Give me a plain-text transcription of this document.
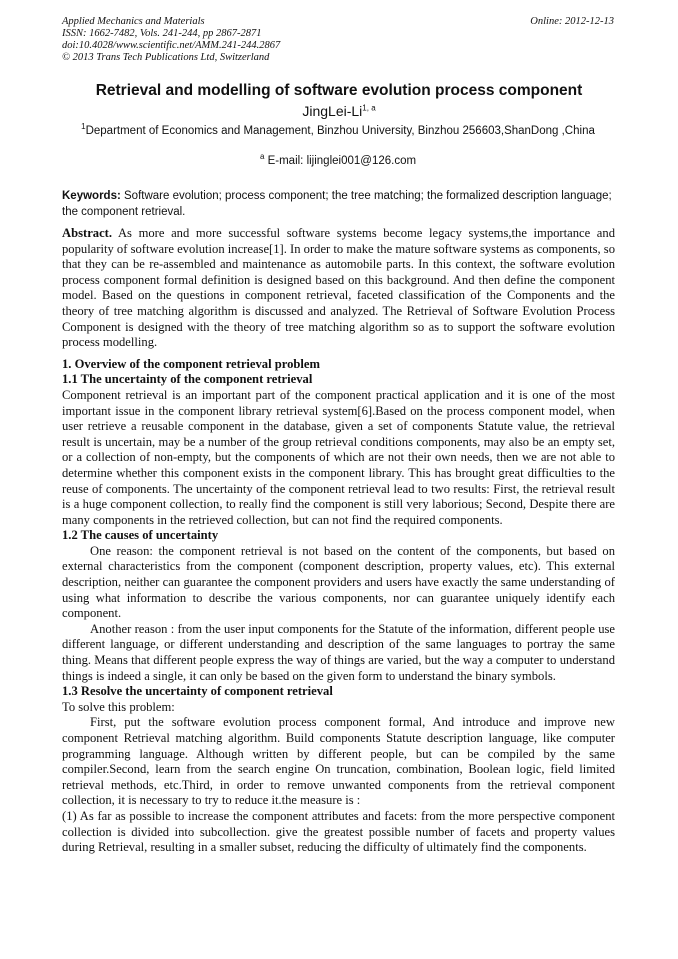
Applied Mechanics and Materials
ISSN: 1662-7482, Vols. 241-244, pp 2867-2871
doi:10.4028/www.scientific.net/AMM.241-244.2867
© 2013 Trans Tech Publications Ltd, Switzerland
Online: 2012-12-13
Retrieval and modelling of software evolution process component
JingLei-Li$^{1, a}$
$^1$Department of Economics and Management, Binzhou University, Binzhou 256603,ShanDong ,China
$^a$ E-mail: lijinglei001@126.com
Keywords: Software evolution; process component; the tree matching; the formalized description language; the component retrieval.

Abstract. As more and more successful software systems become legacy systems,the importance and popularity of software evolution increase[1]. In order to make the mature software systems as components, so that they can be re-assembled and maintenance as automobile parts. In this context, the software evolution process component formal definition is designed based on this background. And then define the component model. Based on the questions in component retrieval, faceted classification of the Components and the theory of tree matching algorithm is discussed and analyzed. The Retrieval of Software Evolution Process Component is designed with the theory of tree matching algorithm so as to support the software evolution process modelling.

1. Overview of the component retrieval problem
1.1 The uncertainty of the component retrieval

Component retrieval is an important part of the component practical application and it is one of the most important issue in the component library retrieval system[6].Based on the process component model, when user retrieve a reusable component in the database, given a set of components Statute value, the retrieval result is uncertain, may be a number of the group retrieval conditions components, may also be an empty set, or a collection of non-empty, but the components of which are not their own needs, then we are not able to determine whether this component exists in the component library. This has brought great difficulties to the reuse of components. The uncertainty of the component retrieval lead to two results: First, the retrieval result is a huge component collection, to really find the component is still very laborious; Second, Despite there are many components in the retrieved collection, but can not find the required components.

1.2 The causes of uncertainty

One reason: the component retrieval is not based on the content of the components, but based on external characteristics from the component (component description, property values, etc). This external description, neither can guarantee the component providers and users have exactly the same understanding of using what information to describe the various components, nor can guarantee uniquely identify each component.

Another reason : from the user input components for the Statute of the information, different people use different language, or different understanding and description of the same languages to portray the same thing. Means that different people express the way of things are varied, but the way a computer to understand things is indeed a single, it can only be based on the given form to understand the binary symbols.

1.3 Resolve the uncertainty of component retrieval

To solve this problem:

First, put the software evolution process component formal, And introduce and improve new component Retrieval matching algorithm. Build components Statute description language, like computer programming language. Although written by different people, but can be compiled by the same compiler.Second, learn from the search engine On truncation, combination, Boolean logic, field limited retrieval methods, etc.Third, in order to remove unwanted components from the retrieval component collection, it is necessary to try to reduce it.the measure is :

(1) As far as possible to increase the component attributes and facets: from the more perspective component collection is divided into subcollection. give the greatest possible number of facets and property values during Retrieval, resulting in a smaller subset, reducing the difficulty of ultimately find the components.
